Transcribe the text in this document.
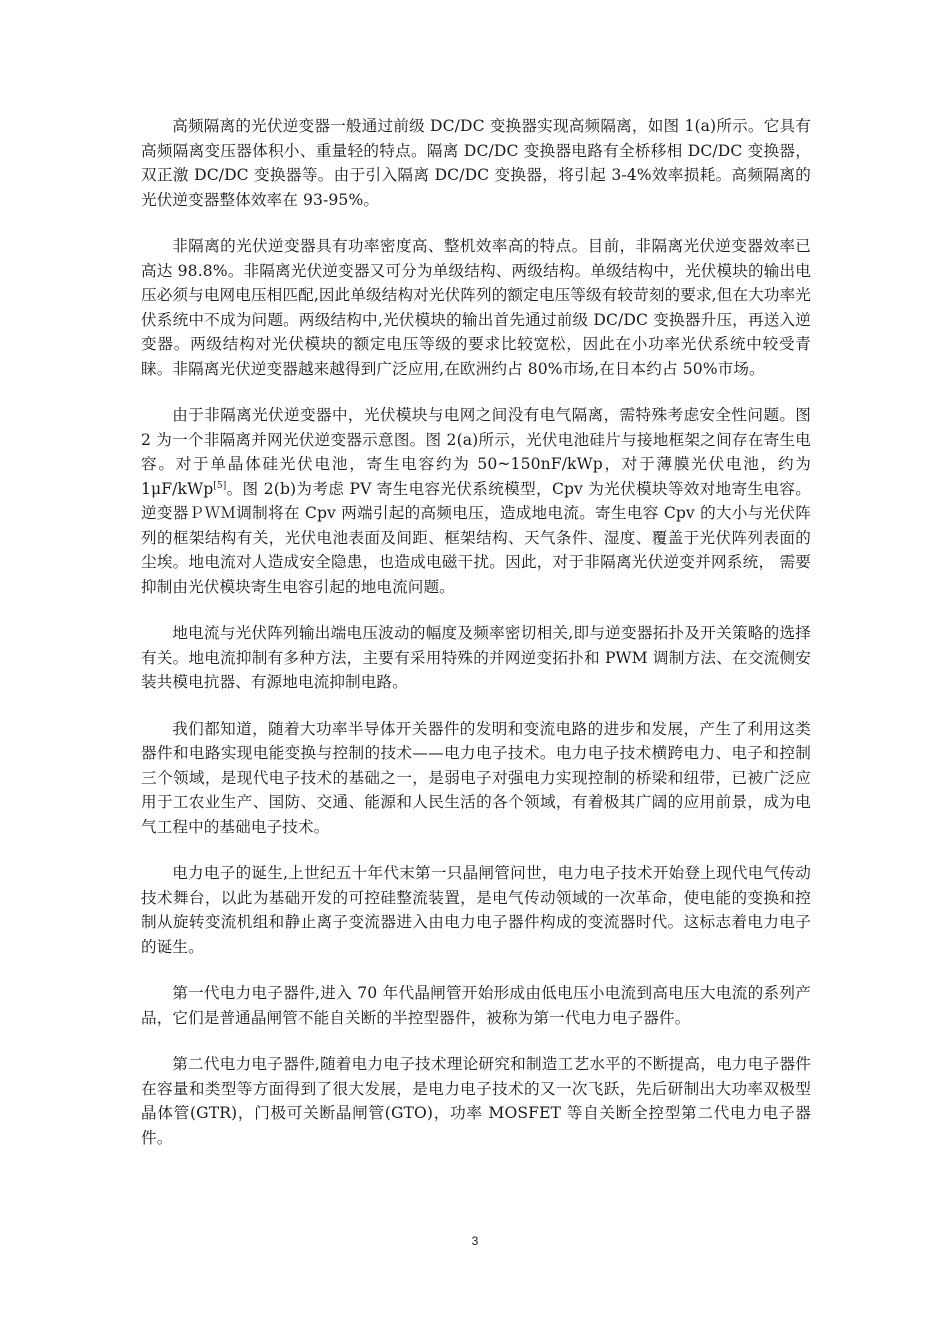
高频隔离的光伏逆变器一般通过前级 DC/DC 变换器实现高频隔离，如图 1(a)所示。它具有高频隔离变压器体积小、重量轻的特点。隔离 DC/DC 变换器电路有全桥移相 DC/DC 变换器，双正激 DC/DC 变换器等。由于引入隔离 DC/DC 变换器，将引起 3-4%效率损耗。高频隔离的光伏逆变器整体效率在 93-95%。

非隔离的光伏逆变器具有功率密度高、整机效率高的特点。目前，非隔离光伏逆变器效率已高达 98.8%。非隔离光伏逆变器又可分为单级结构、两级结构。单级结构中，光伏模块的输出电压必须与电网电压相匹配,因此单级结构对光伏阵列的额定电压等级有较苛刻的要求,但在大功率光伏系统中不成为问题。两级结构中,光伏模块的输出首先通过前级 DC/DC 变换器升压，再送入逆变器。两级结构对光伏模块的额定电压等级的要求比较宽松，因此在小功率光伏系统中较受青睐。非隔离光伏逆变器越来越得到广泛应用,在欧洲约占 80%市场,在日本约占 50%市场。

由于非隔离光伏逆变器中，光伏模块与电网之间没有电气隔离，需特殊考虑安全性问题。图 2 为一个非隔离并网光伏逆变器示意图。图 2(a)所示，光伏电池硅片与接地框架之间存在寄生电容。对于单晶体硅光伏电池，寄生电容约为 50~150nF/kWp，对于薄膜光伏电池，约为 1μF/kWp[5]。图 2(b)为考虑 PV 寄生电容光伏系统模型，Cpv 为光伏模块等效对地寄生电容。逆变器ＰＷＭ调制将在 Cpv 两端引起的高频电压，造成地电流。寄生电容 Cpv 的大小与光伏阵列的框架结构有关，光伏电池表面及间距、框架结构、天气条件、湿度、覆盖于光伏阵列表面的尘埃。地电流对人造成安全隐患，也造成电磁干扰。因此，对于非隔离光伏逆变并网系统， 需要抑制由光伏模块寄生电容引起的地电流问题。

地电流与光伏阵列输出端电压波动的幅度及频率密切相关,即与逆变器拓扑及开关策略的选择有关。地电流抑制有多种方法，主要有采用特殊的并网逆变拓扑和 PWM 调制方法、在交流侧安装共模电抗器、有源地电流抑制电路。

我们都知道，随着大功率半导体开关器件的发明和变流电路的进步和发展，产生了利用这类器件和电路实现电能变换与控制的技术——电力电子技术。电力电子技术横跨电力、电子和控制三个领域，是现代电子技术的基础之一，是弱电子对强电力实现控制的桥梁和纽带，已被广泛应用于工农业生产、国防、交通、能源和人民生活的各个领域，有着极其广阔的应用前景，成为电气工程中的基础电子技术。

电力电子的诞生,上世纪五十年代末第一只晶闸管问世，电力电子技术开始登上现代电气传动技术舞台，以此为基础开发的可控硅整流装置，是电气传动领域的一次革命，使电能的变换和控制从旋转变流机组和静止离子变流器进入由电力电子器件构成的变流器时代。这标志着电力电子的诞生。

第一代电力电子器件,进入 70 年代晶闸管开始形成由低电压小电流到高电压大电流的系列产品，它们是普通晶闸管不能自关断的半控型器件，被称为第一代电力电子器件。

第二代电力电子器件,随着电力电子技术理论研究和制造工艺水平的不断提高，电力电子器件在容量和类型等方面得到了很大发展，是电力电子技术的又一次飞跃，先后研制出大功率双极型晶体管(GTR)，门极可关断晶闸管(GTO)，功率 MOSFET 等自关断全控型第二代电力电子器件。

3
